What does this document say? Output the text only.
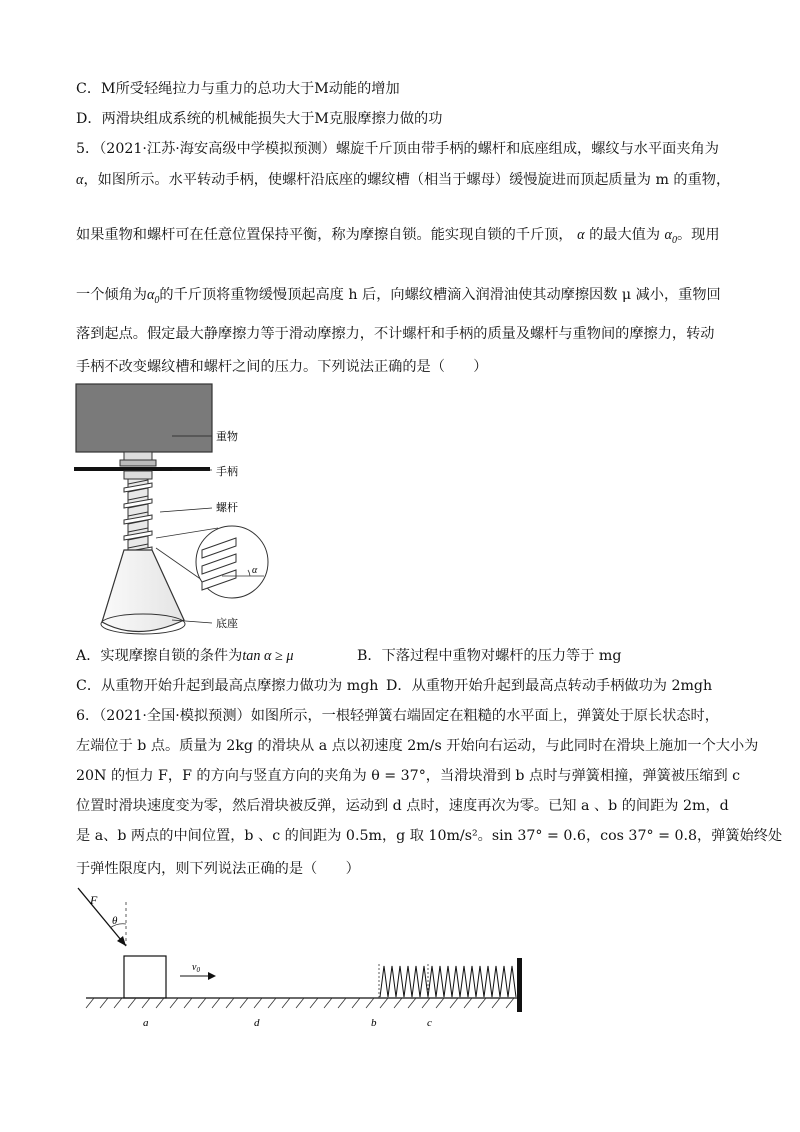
C．M所受轻绳拉力与重力的总功大于M动能的增加
D．两滑块组成系统的机械能损失大于M克服摩擦力做的功
5．（2021·江苏·海安高级中学模拟预测）螺旋千斤顶由带手柄的螺杆和底座组成，螺纹与水平面夹角为
α，如图所示。水平转动手柄，使螺杆沿底座的螺纹槽（相当于螺母）缓慢旋进而顶起质量为 m 的重物，
如果重物和螺杆可在任意位置保持平衡，称为摩擦自锁。能实现自锁的千斤顶， α 的最大值为 $\alpha_0$。现用
一个倾角为$\alpha_0$的千斤顶将重物缓慢顶起高度 h 后，向螺纹槽滴入润滑油使其动摩擦因数 μ 减小，重物回
落到起点。假定最大静摩擦力等于滑动摩擦力，不计螺杆和手柄的质量及螺杆与重物间的摩擦力，转动
手柄不改变螺纹槽和螺杆之间的压力。下列说法正确的是（　　）
重物
手柄
螺杆
底座
α
A．实现摩擦自锁的条件为tan α ≥ μ	B．下落过程中重物对螺杆的压力等于 mg
C．从重物开始升起到最高点摩擦力做功为 mgh D．从重物开始升起到最高点转动手柄做功为 2mgh
6．（2021·全国·模拟预测）如图所示，一根轻弹簧右端固定在粗糙的水平面上，弹簧处于原长状态时，
左端位于 b 点。质量为 2kg 的滑块从 a 点以初速度 2m/s 开始向右运动，与此同时在滑块上施加一个大小为
20N 的恒力 F，F 的方向与竖直方向的夹角为 θ = 37°，当滑块滑到 b 点时与弹簧相撞，弹簧被压缩到 c
位置时滑块速度变为零，然后滑块被反弹，运动到 d 点时，速度再次为零。已知 a 、b 的间距为 2m，d
是 a、b 两点的中间位置，b 、c 的间距为 0.5m，g 取 10m/s²。sin 37° = 0.6，cos 37° = 0.8，弹簧始终处
于弹性限度内，则下列说法正确的是（　　）
F
θ
$v_0$
a	d	b	c
